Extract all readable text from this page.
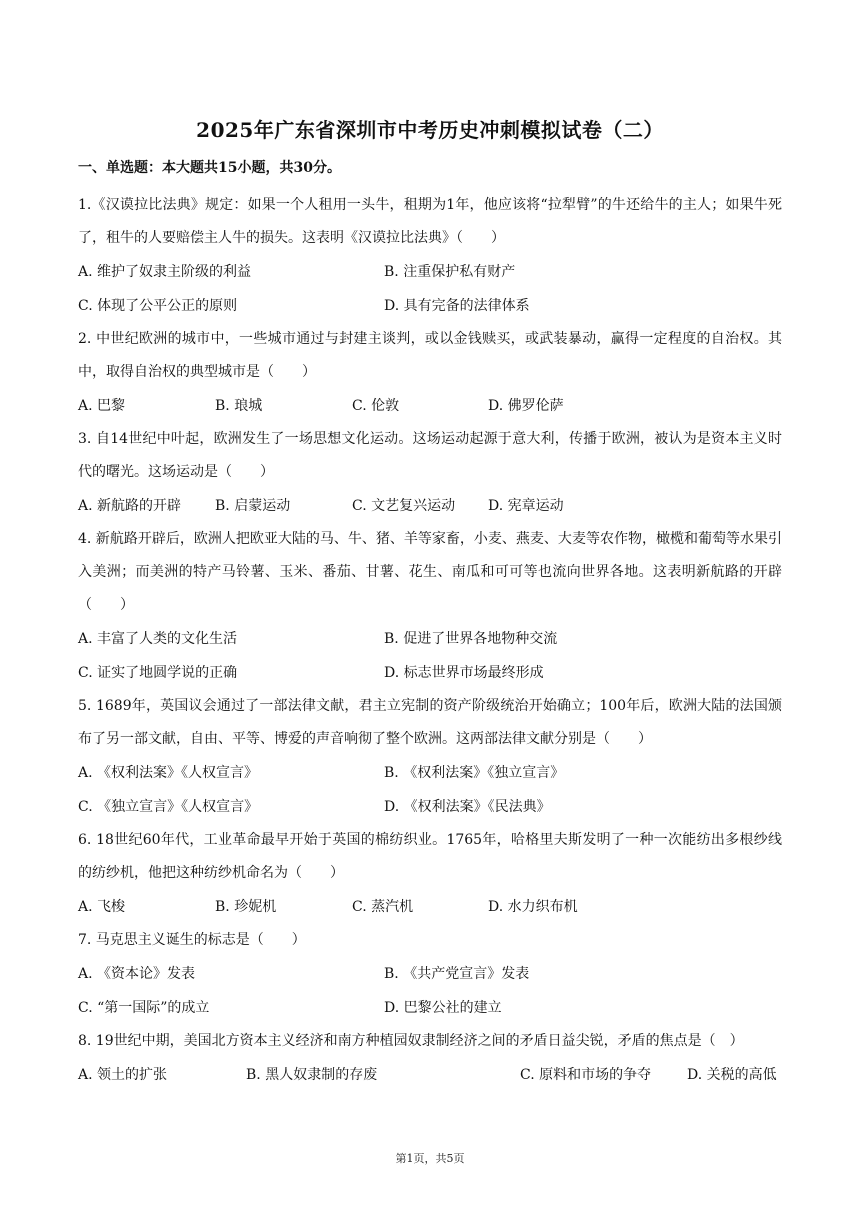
2025年广东省深圳市中考历史冲刺模拟试卷（二）
一、单选题：本大题共15小题，共30分。

1.《汉谟拉比法典》规定：如果一个人租用一头牛，租期为1年，他应该将“拉犁臂”的牛还给牛的主人；如果牛死了，租牛的人要赔偿主人牛的损失。这表明《汉谟拉比法典》（　　）

A. 维护了奴隶主阶级的利益	B. 注重保护私有财产
C. 体现了公平公正的原则	D. 具有完备的法律体系

2. 中世纪欧洲的城市中，一些城市通过与封建主谈判，或以金钱赎买，或武装暴动，赢得一定程度的自治权。其中，取得自治权的典型城市是（　　）

A. 巴黎	B. 琅城	C. 伦敦	D. 佛罗伦萨

3. 自14世纪中叶起，欧洲发生了一场思想文化运动。这场运动起源于意大利，传播于欧洲，被认为是资本主义时代的曙光。这场运动是（　　）

A. 新航路的开辟	B. 启蒙运动	C. 文艺复兴运动	D. 宪章运动

4. 新航路开辟后，欧洲人把欧亚大陆的马、牛、猪、羊等家畜，小麦、燕麦、大麦等农作物，橄榄和葡萄等水果引入美洲；而美洲的特产马铃薯、玉米、番茄、甘薯、花生、南瓜和可可等也流向世界各地。这表明新航路的开辟（　　）

A. 丰富了人类的文化生活	B. 促进了世界各地物种交流
C. 证实了地圆学说的正确	D. 标志世界市场最终形成

5. 1689年，英国议会通过了一部法律文献，君主立宪制的资产阶级统治开始确立；100年后，欧洲大陆的法国颁布了另一部文献，自由、平等、博爱的声音响彻了整个欧洲。这两部法律文献分别是（　　）

A. 《权利法案》《人权宣言》	B. 《权利法案》《独立宣言》
C. 《独立宣言》《人权宣言》	D. 《权利法案》《民法典》

6. 18世纪60年代，工业革命最早开始于英国的棉纺织业。1765年，哈格里夫斯发明了一种一次能纺出多根纱线的纺纱机，他把这种纺纱机命名为（　　）

A. 飞梭	B. 珍妮机	C. 蒸汽机	D. 水力织布机

7. 马克思主义诞生的标志是（　　）

A. 《资本论》发表	B. 《共产党宣言》发表
C. “第一国际”的成立	D. 巴黎公社的建立

8. 19世纪中期，美国北方资本主义经济和南方种植园奴隶制经济之间的矛盾日益尖锐，矛盾的焦点是（　）

A. 领土的扩张	B. 黑人奴隶制的存废	C. 原料和市场的争夺	D. 关税的高低
第1页，共5页
